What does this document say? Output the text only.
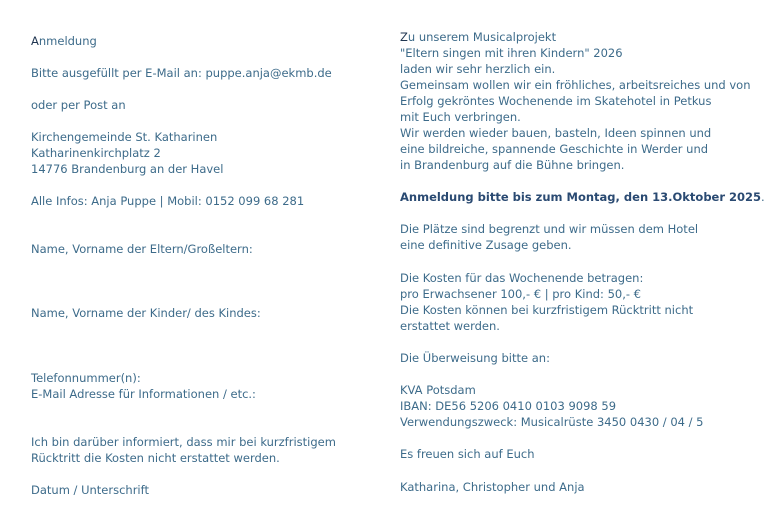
Anmeldung
Bitte ausgefüllt per E-Mail an: puppe.anja@ekmb.de
oder per Post an
Kirchengemeinde St. Katharinen
Katharinenkirchplatz 2
14776 Brandenburg an der Havel
Alle Infos: Anja Puppe | Mobil: 0152 099 68 281
Name, Vorname der Eltern/Großeltern:
Name, Vorname der Kinder/ des Kindes:
Telefonnummer(n):
E-Mail Adresse für Informationen / etc.:
Ich bin darüber informiert, dass mir bei kurzfristigem
Rücktritt die Kosten nicht erstattet werden.
Datum / Unterschrift
Zu unserem Musicalprojekt
"Eltern singen mit ihren Kindern" 2026
laden wir sehr herzlich ein.
Gemeinsam wollen wir ein fröhliches, arbeitsreiches und von
Erfolg gekröntes Wochenende im Skatehotel in Petkus
mit Euch verbringen.
Wir werden wieder bauen, basteln, Ideen spinnen und
eine bildreiche, spannende Geschichte in Werder und
in Brandenburg auf die Bühne bringen.
Anmeldung bitte bis zum Montag, den 13.Oktober 2025.
Die Plätze sind begrenzt und wir müssen dem Hotel
eine definitive Zusage geben.
Die Kosten für das Wochenende betragen:
pro Erwachsener 100,- € | pro Kind: 50,- €
Die Kosten können bei kurzfristigem Rücktritt nicht
erstattet werden.
Die Überweisung bitte an:
KVA Potsdam
IBAN: DE56 5206 0410 0103 9098 59
Verwendungszweck: Musicalrüste 3450 0430 / 04 / 5
Es freuen sich auf Euch
Katharina, Christopher und Anja
